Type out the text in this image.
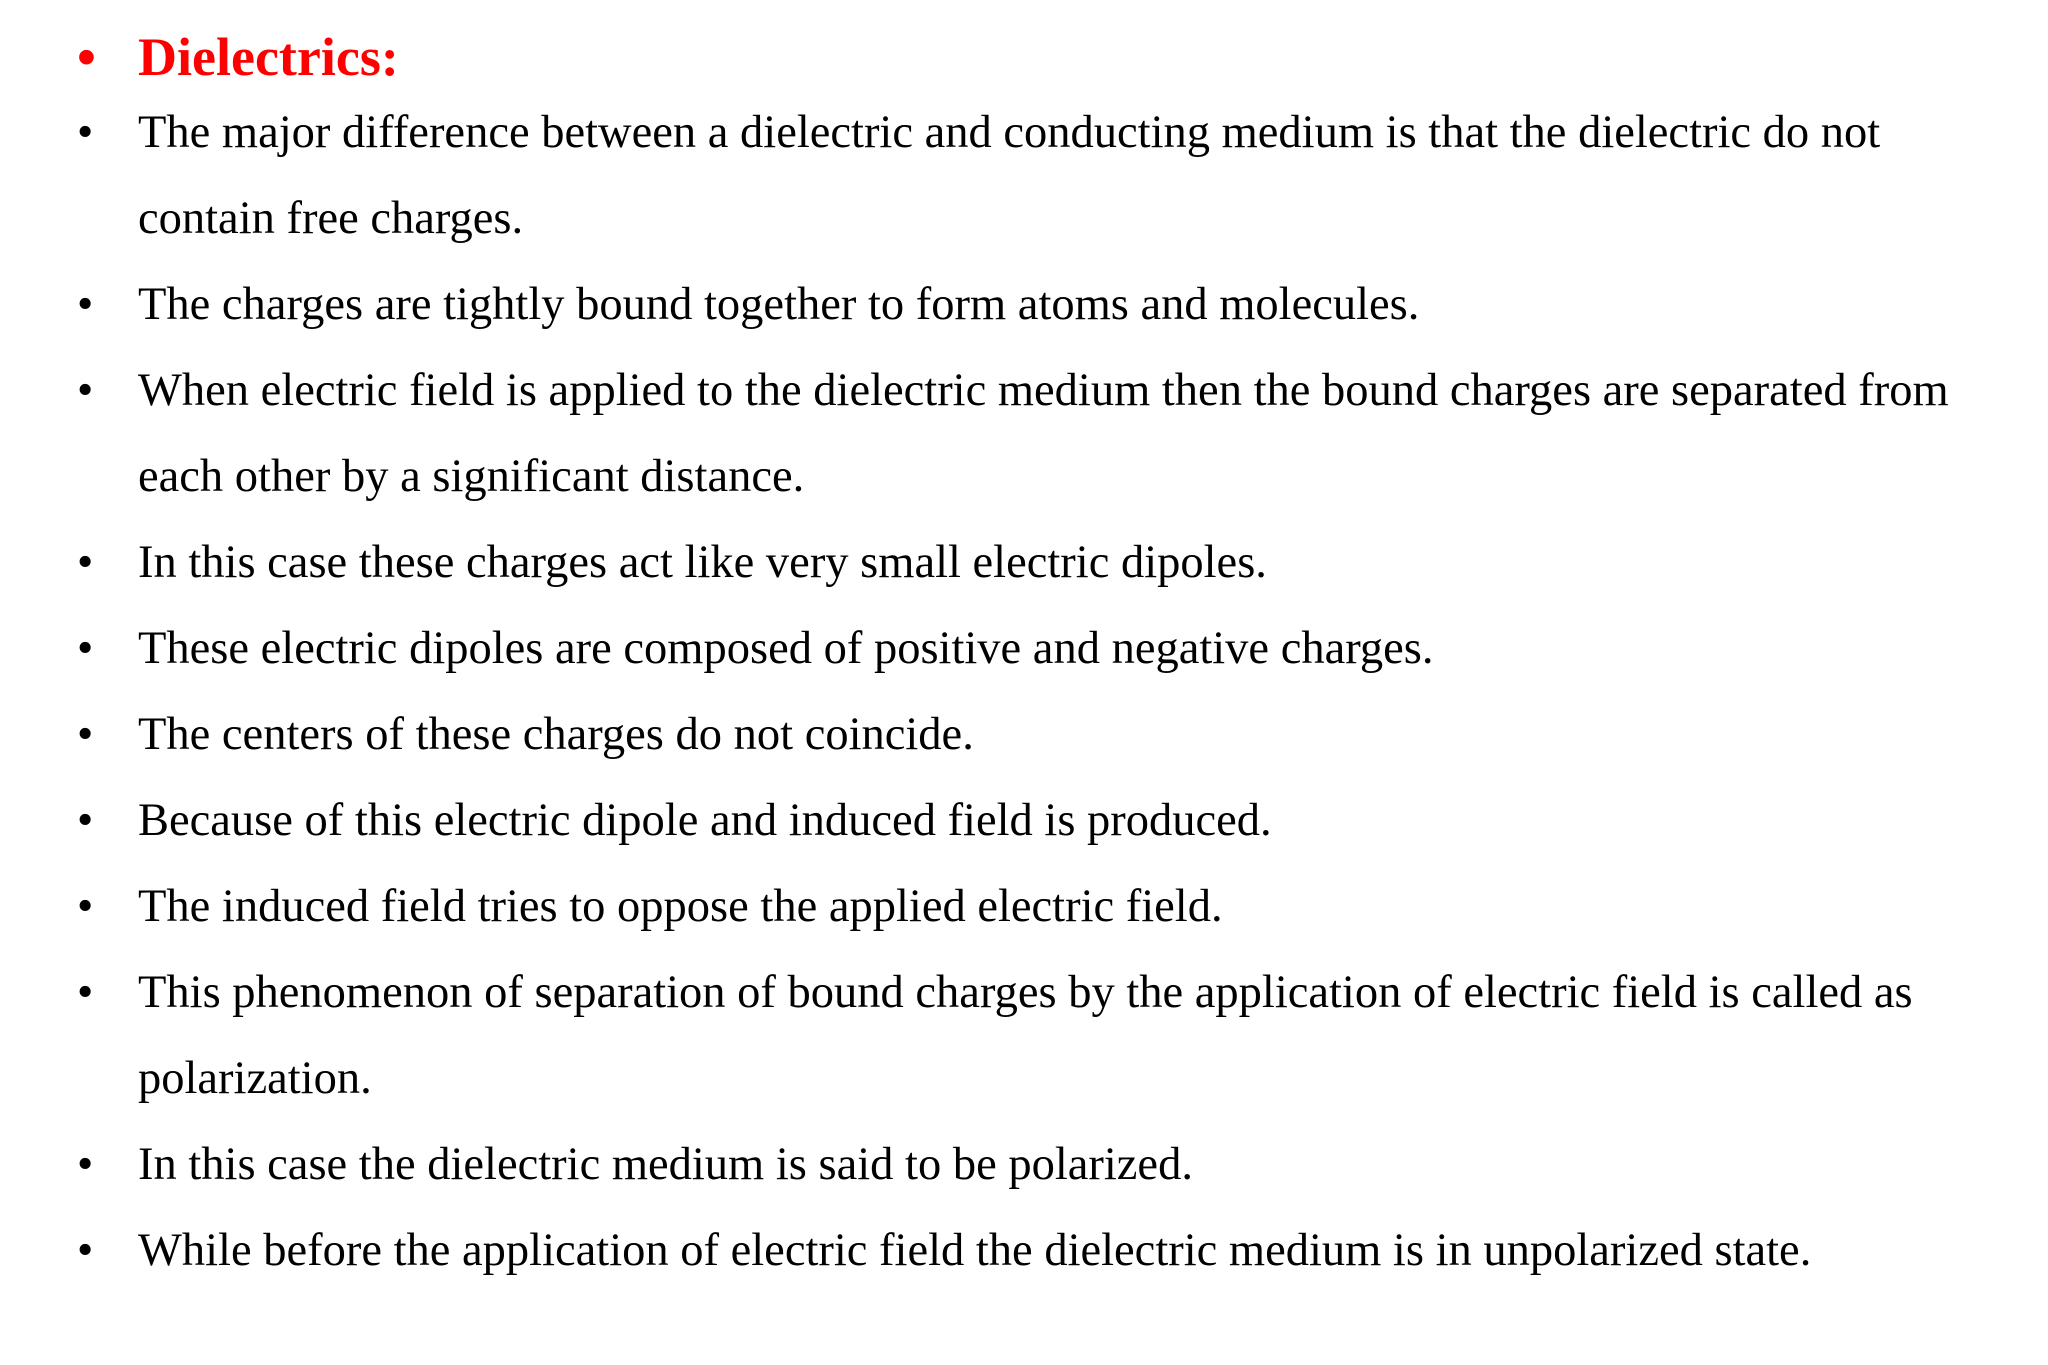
• Dielectrics:
• The major difference between a dielectric and conducting medium is that the dielectric do not contain free charges.
• The charges are tightly bound together to form atoms and molecules.
• When electric field is applied to the dielectric medium then the bound charges are separated from each other by a significant distance.
• In this case these charges act like very small electric dipoles.
• These electric dipoles are composed of positive and negative charges.
• The centers of these charges do not coincide.
• Because of this electric dipole and induced field is produced.
• The induced field tries to oppose the applied electric field.
• This phenomenon of separation of bound charges by the application of electric field is called as polarization.
• In this case the dielectric medium is said to be polarized.
• While before the application of electric field the dielectric medium is in unpolarized state.
